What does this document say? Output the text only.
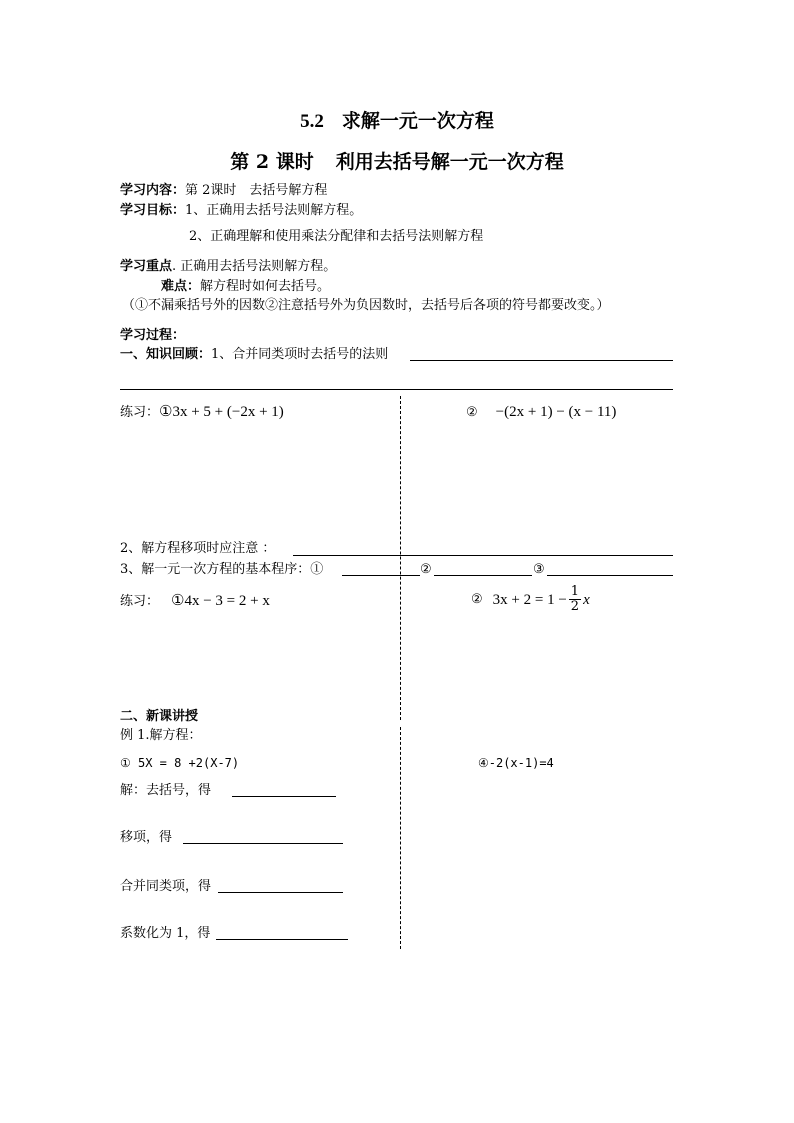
5.2 求解一元一次方程
第 2 课时 利用去括号解一元一次方程
学习内容：第 2课时　去括号解方程
学习目标：1、正确用去括号法则解方程。
2、正确理解和使用乘法分配律和去括号法则解方程
学习重点. 正确用去括号法则解方程。
难点：解方程时如何去括号。
（①不漏乘括号外的因数②注意括号外为负因数时，去括号后各项的符号都要改变。）
学习过程：
一、知识回顾：1、合并同类项时去括号的法则
练习：①3x + 5 + (−2x + 1)	② −(2x + 1) − (x − 11)
2、解方程移项时应注意 ：
3、解一元一次方程的基本程序：①	②	③
练习： ①4x − 3 = 2 + x	② $3x + 2 = 1 - \frac{1}{2}$ x
二、新课讲授
例 1.解方程：
① 5X = 8 +2(X-7)	④-2(x-1)=4
解：去括号，得
移项，得
合并同类项，得
系数化为 1，得
